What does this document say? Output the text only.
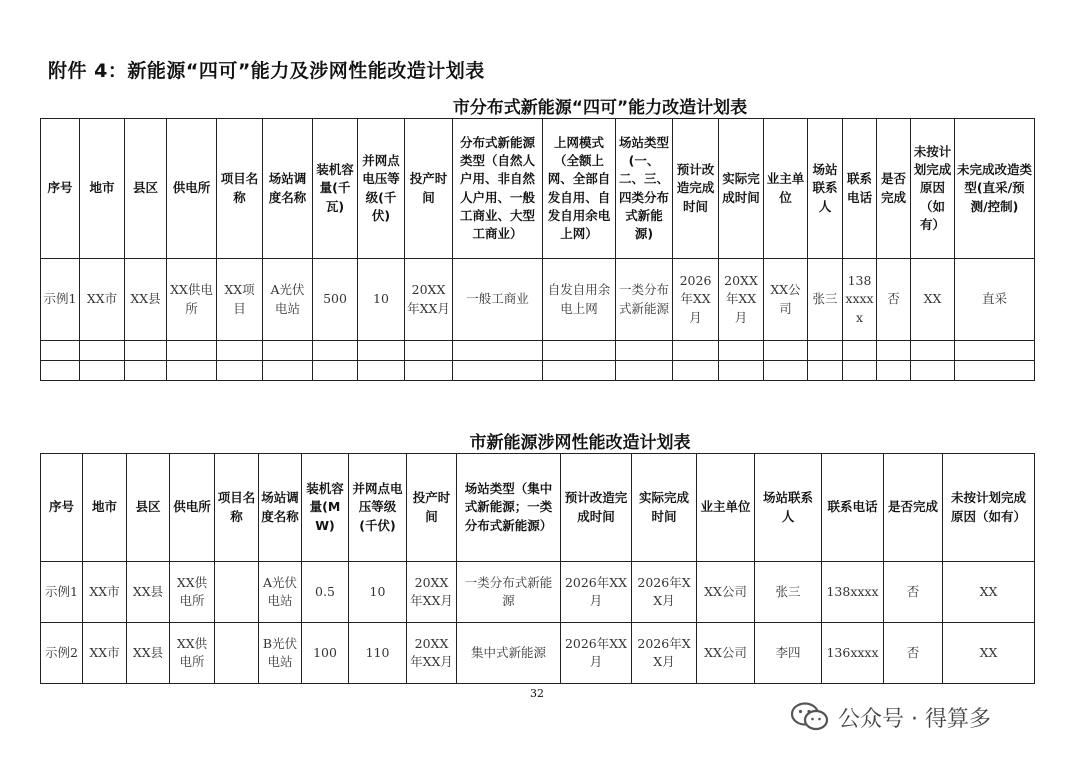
附件 4：新能源“四可”能力及涉网性能改造计划表
市分布式新能源“四可”能力改造计划表
序号	地市	县区	供电所	项目名称	场站调度名称	装机容量(千瓦)	并网点电压等级(千伏)	投产时间	分布式新能源类型（自然人户用、非自然人户用、一般工商业、大型工商业）	上网模式（全额上网、全部自发自用、自发自用余电上网）	场站类型(一、二、三、四类分布式新能源)	预计改造完成时间	实际完成时间	业主单位	场站联系人	联系电话	是否完成	未按计划完成原因（如有）	未完成改造类型(直采/预测/控制)
示例1	XX市	XX县	XX供电所	XX项目	A光伏电站	500	10	20XX年XX月	一般工商业	自发自用余电上网	一类分布式新能源	2026年XX月	20XX年XX月	XX公司	张三	138xxxxx	否	XX	直采

市新能源涉网性能改造计划表
序号	地市	县区	供电所	项目名称	场站调度名称	装机容量(MW)	并网点电压等级(千伏)	投产时间	场站类型（集中式新能源；一类分布式新能源）	预计改造完成时间	实际完成时间	业主单位	场站联系人	联系电话	是否完成	未按计划完成原因（如有）
示例1	XX市	XX县	XX供电所		A光伏电站	0.5	10	20XX年XX月	一类分布式新能源	2026年XX月	2026年XX月	XX公司	张三	138xxxx	否	XX
示例2	XX市	XX县	XX供电所		B光伏电站	100	110	20XX年XX月	集中式新能源	2026年XX月	2026年XX月	XX公司	李四	136xxxx	否	XX
32
公众号 · 得算多
